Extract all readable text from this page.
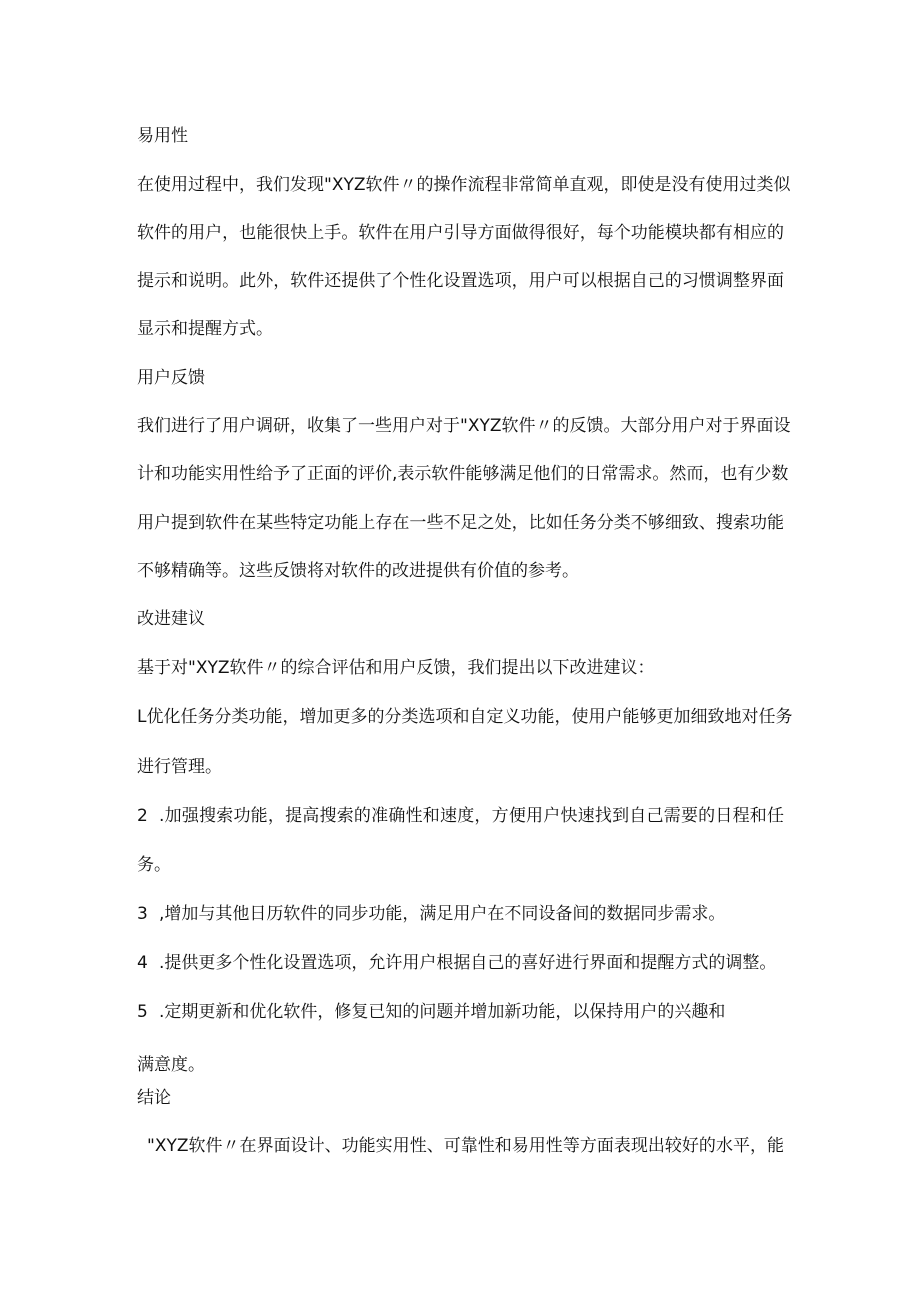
易用性
在使用过程中，我们发现"XYZ软件〃的操作流程非常简单直观，即使是没有使用过类似
软件的用户，也能很快上手。软件在用户引导方面做得很好，每个功能模块都有相应的
提示和说明。此外，软件还提供了个性化设置选项，用户可以根据自己的习惯调整界面
显示和提醒方式。
用户反馈
我们进行了用户调研，收集了一些用户对于"XYZ软件〃的反馈。大部分用户对于界面设
计和功能实用性给予了正面的评价,表示软件能够满足他们的日常需求。然而，也有少数
用户提到软件在某些特定功能上存在一些不足之处，比如任务分类不够细致、搜索功能
不够精确等。这些反馈将对软件的改进提供有价值的参考。
改进建议
基于对"XYZ软件〃的综合评估和用户反馈，我们提出以下改进建议：
L优化任务分类功能，增加更多的分类选项和自定义功能，使用户能够更加细致地对任务
进行管理。
2 .加强搜索功能，提高搜索的准确性和速度，方便用户快速找到自己需要的日程和任
务。
3 ,增加与其他日历软件的同步功能，满足用户在不同设备间的数据同步需求。
4 .提供更多个性化设置选项，允许用户根据自己的喜好进行界面和提醒方式的调整。
5 .定期更新和优化软件，修复已知的问题并增加新功能，以保持用户的兴趣和
满意度。
结论
"XYZ软件〃在界面设计、功能实用性、可靠性和易用性等方面表现出较好的水平，能
